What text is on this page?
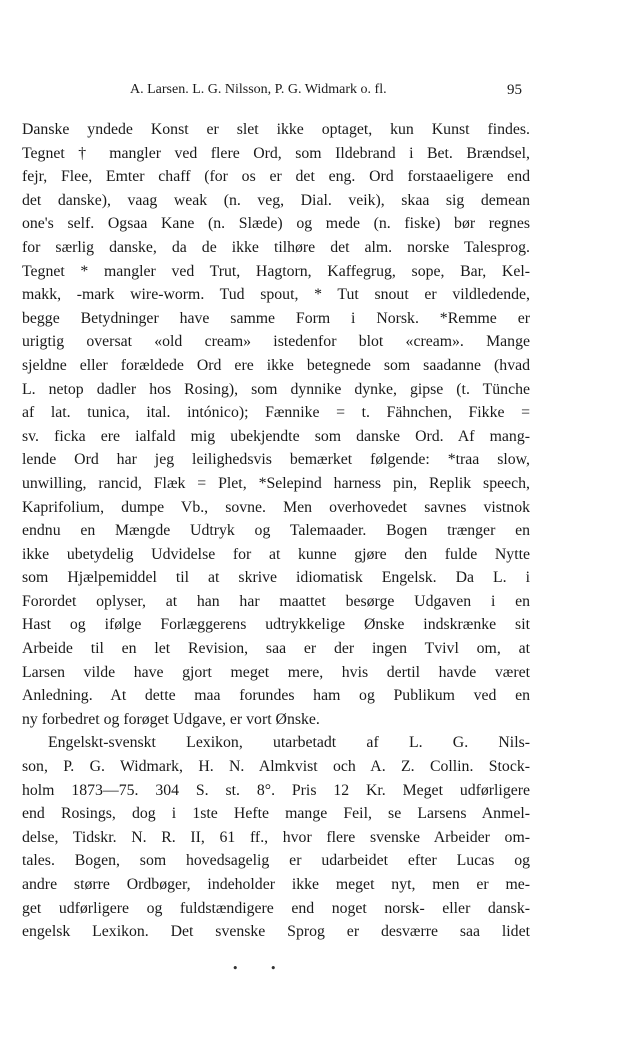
A. Larsen. L. G. Nilsson, P. G. Widmark o. fl.	95
Danske yndede Konst er slet ikke optaget, kun Kunst findes.
Tegnet † mangler ved flere Ord, som Ildebrand i Bet. Brændsel,
fejr, Flee, Emter chaff (for os er det eng. Ord forstaaeligere end
det danske), vaag weak (n. veg, Dial. veik), skaa sig demean
one's self. Ogsaa Kane (n. Slæde) og mede (n. fiske) bør regnes
for særlig danske, da de ikke tilhøre det alm. norske Talesprog.
Tegnet * mangler ved Trut, Hagtorn, Kaffegrug, sope, Bar, Kel-
makk, -mark wire-worm. Tud spout, * Tut snout er vildledende,
begge Betydninger have samme Form i Norsk. *Remme er
urigtig oversat «old cream» istedenfor blot «cream». Mange
sjeldne eller forældede Ord ere ikke betegnede som saadanne (hvad
L. netop dadler hos Rosing), som dynnike dynke, gipse (t. Tünche
af lat. tunica, ital. intónico); Fænnike = t. Fähnchen, Fikke =
sv. ficka ere ialfald mig ubekjendte som danske Ord. Af mang-
lende Ord har jeg leilighedsvis bemærket følgende: *traa slow,
unwilling, rancid, Flæk = Plet, *Selepind harness pin, Replik speech,
Kaprifolium, dumpe Vb., sovne. Men overhovedet savnes vistnok
endnu en Mængde Udtryk og Talemaader. Bogen trænger en
ikke ubetydelig Udvidelse for at kunne gjøre den fulde Nytte
som Hjælpemiddel til at skrive idiomatisk Engelsk. Da L. i
Forordet oplyser, at han har maattet besørge Udgaven i en
Hast og ifølge Forlæggerens udtrykkelige Ønske indskrænke sit
Arbeide til en let Revision, saa er der ingen Tvivl om, at
Larsen vilde have gjort meget mere, hvis dertil havde været
Anledning. At dette maa forundes ham og Publikum ved en
ny forbedret og forøget Udgave, er vort Ønske.
Engelskt-svenskt Lexikon, utarbetadt af L. G. Nils-
son, P. G. Widmark, H. N. Almkvist och A. Z. Collin. Stock-
holm 1873—75. 304 S. st. 8°. Pris 12 Kr. Meget udførligere
end Rosings, dog i 1ste Hefte mange Feil, se Larsens Anmel-
delse, Tidskr. N. R. II, 61 ff., hvor flere svenske Arbeider om-
tales. Bogen, som hovedsagelig er udarbeidet efter Lucas og
andre større Ordbøger, indeholder ikke meget nyt, men er me-
get udførligere og fuldstændigere end noget norsk- eller dansk-
engelsk Lexikon. Det svenske Sprog er desværre saa lidet
• •
